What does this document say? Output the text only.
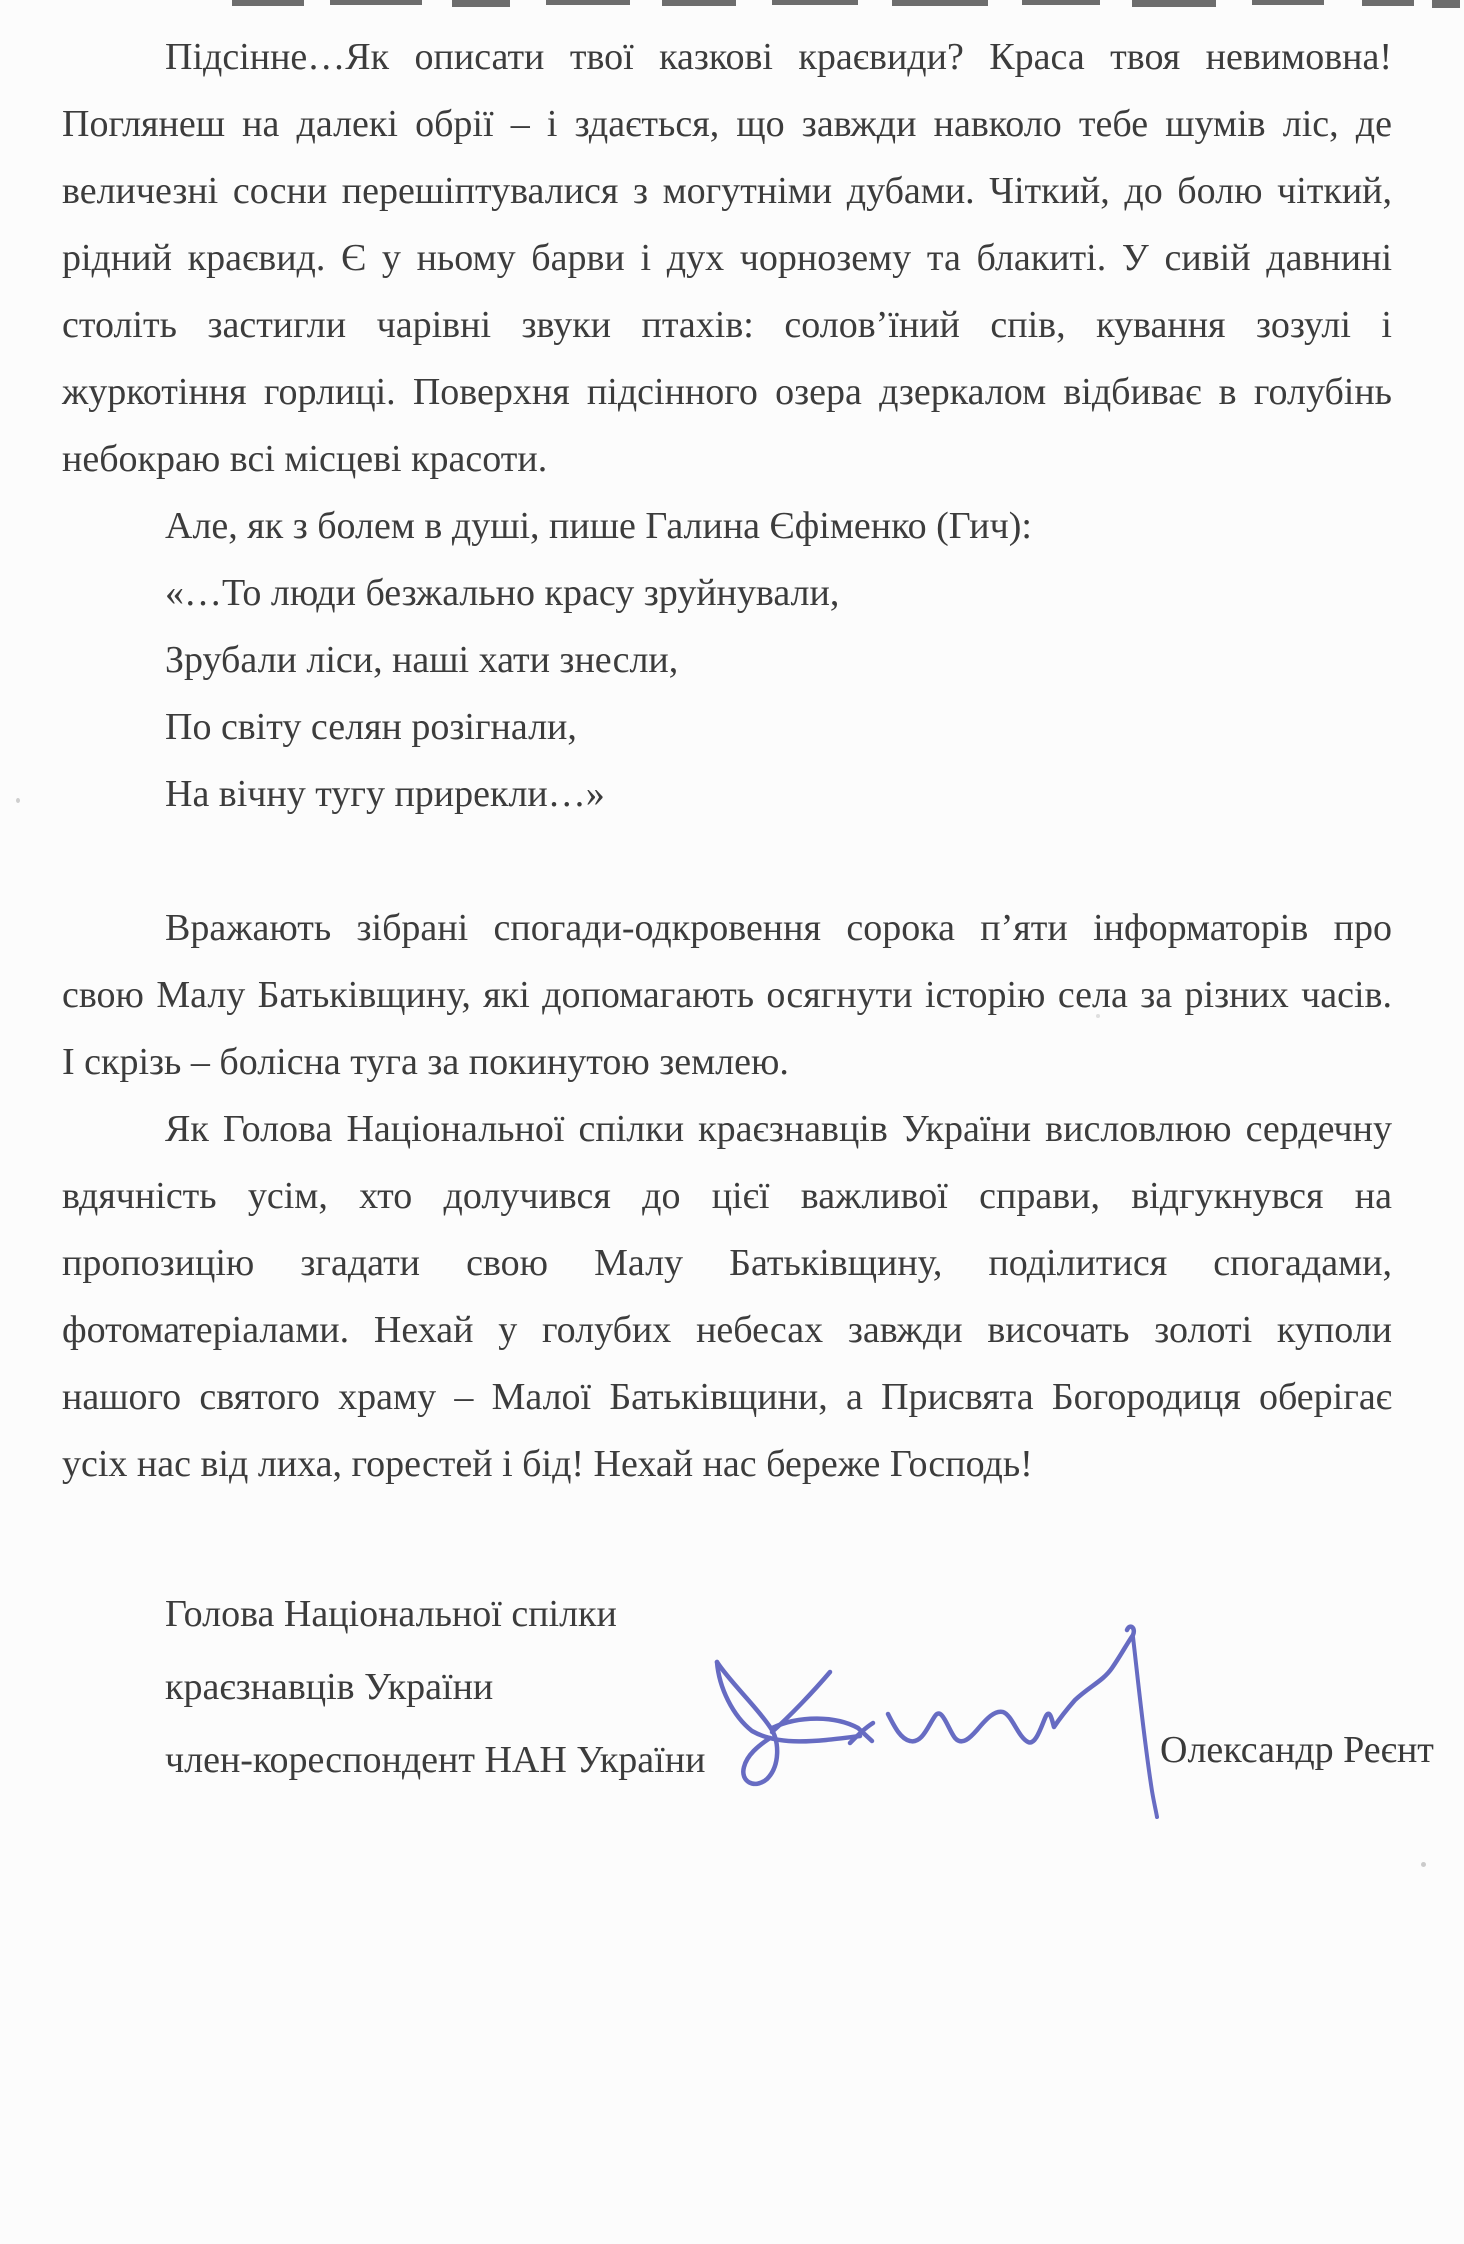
Підсінне…Як описати твої казкові краєвиди? Краса твоя невимовна!
Поглянеш на далекі обрії – і здається, що завжди навколо тебе шумів ліс, де
величезні сосни перешіптувалися з могутніми дубами. Чіткий, до болю чіткий,
рідний краєвид. Є у ньому барви і дух чорнозему та блакиті. У сивій давнині
століть застигли чарівні звуки птахів: солов’їний спів, кування зозулі і
журкотіння горлиці. Поверхня підсінного озера дзеркалом відбиває в голубінь
небокраю всі місцеві красоти.
Але, як з болем в душі, пише Галина Єфіменко (Гич):
«…То люди безжально красу зруйнували,
Зрубали ліси, наші хати знесли,
По світу селян розігнали,
На вічну тугу прирекли…»
Вражають зібрані спогади-одкровення сорока п’яти інформаторів про
свою Малу Батьківщину, які допомагають осягнути історію села за різних часів.
І скрізь – болісна туга за покинутою землею.
Як Голова Національної спілки краєзнавців України висловлюю сердечну
вдячність усім, хто долучився до цієї важливої справи, відгукнувся на
пропозицію згадати свою Малу Батьківщину, поділитися спогадами,
фотоматеріалами. Нехай у голубих небесах завжди височать золоті куполи
нашого святого храму – Малої Батьківщини, а Присвята Богородиця оберігає
усіх нас від лиха, горестей і бід! Нехай нас береже Господь!
Голова Національної спілки
краєзнавців України
член-кореспондент НАН України	Олександр Реєнт
